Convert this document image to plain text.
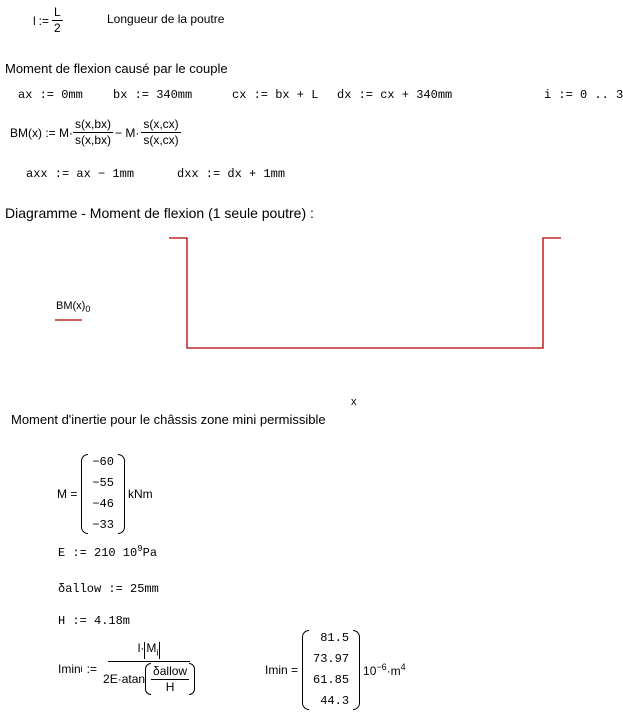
l := $\frac{L}{2}$	Longueur de la poutre
Moment de flexion causé par le couple
ax := 0mm	bx := 340mm	cx := bx + L dx := cx + 340mm	i := 0 .. 3
BM(x) := $M\cdot \frac{s(x,bx)}{s(x,bx)} - M\cdot \frac{s(x,cx)}{s(x,cx)}$
axx := ax − 1mm	dxx := dx + 1mm
Diagramme - Moment de flexion (1 seule poutre) :
$BM(x)_0$
x
Moment d'inertie pour le châssis zone mini permissible
M =
−60
−55
−46
−33
kNm
E := 210 $10^9Pa$
δallow := 25mm
H := 4.18m
Imin i :=
$l\cdot M_i$
$2E\cdot atan \frac{\text{δallow}}{H}$	Imin =
81.5
73.97
61.85
44.3
$10^{-6}\cdot m^4$
